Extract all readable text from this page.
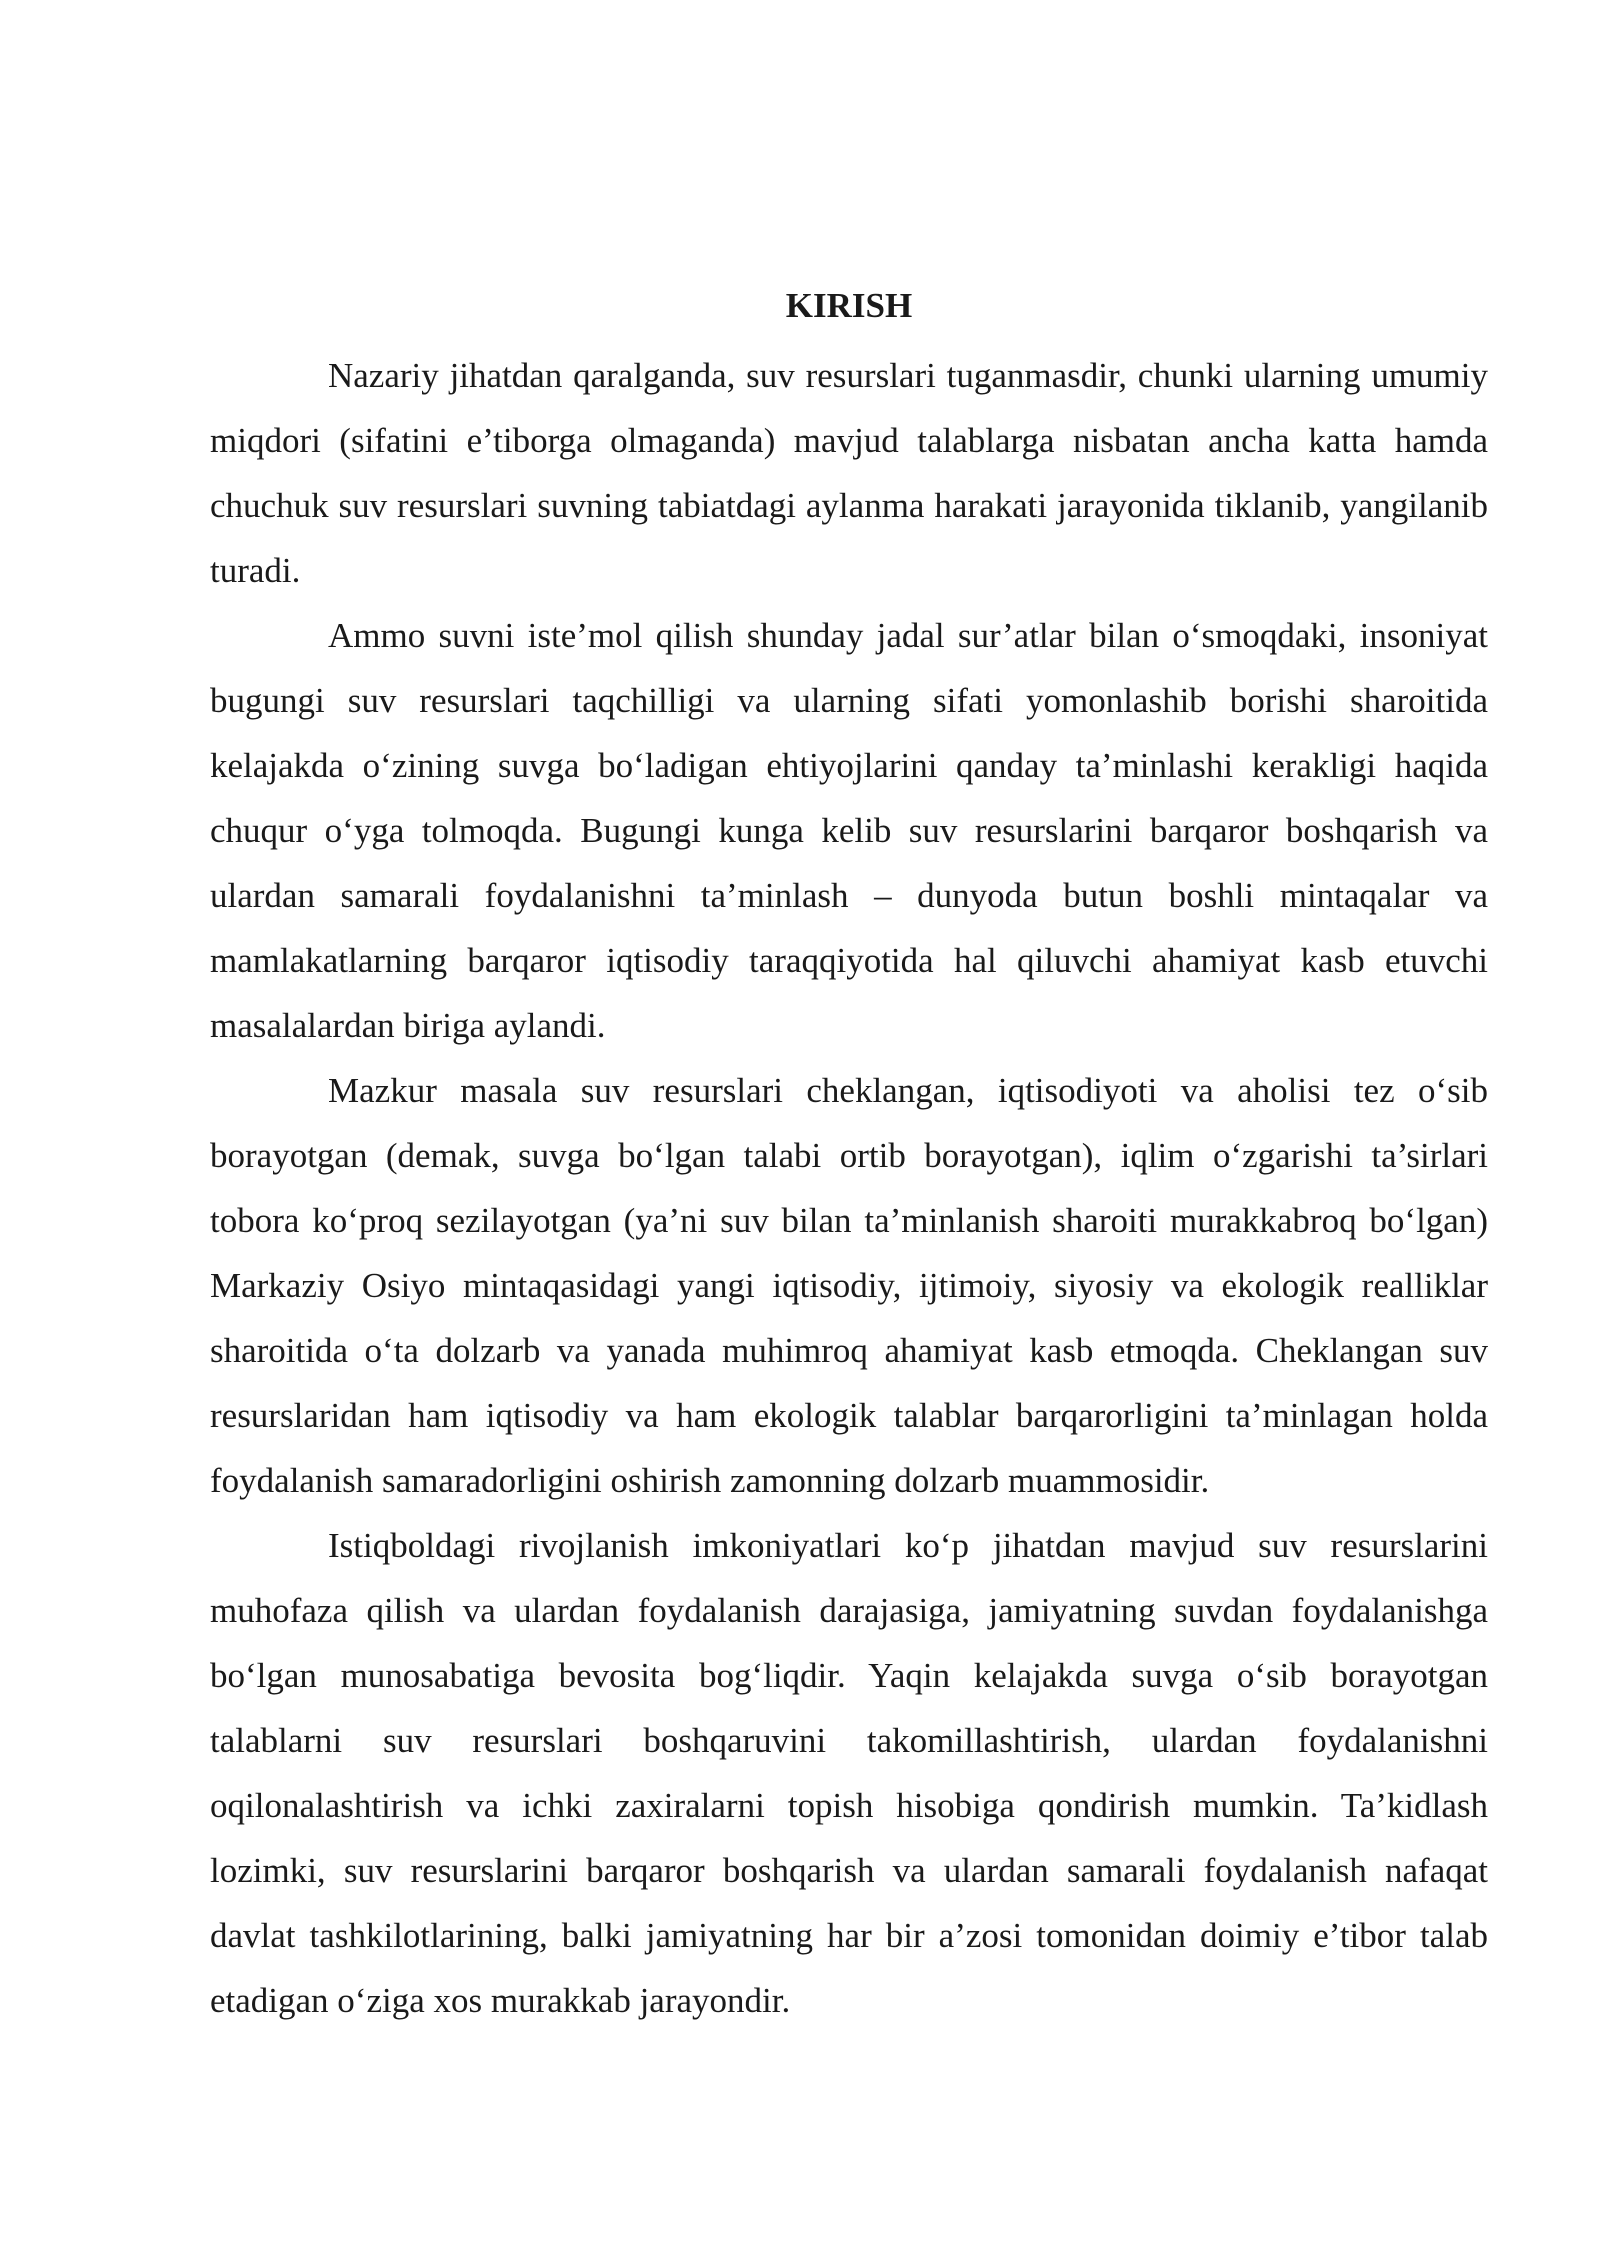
KIRISH

Nazariy jihatdan qaralganda, suv resurslari tuganmasdir, chunki ularning umumiy miqdori (sifatini e’tiborga olmaganda) mavjud talablarga nisbatan ancha katta hamda chuchuk suv resurslari suvning tabiatdagi aylanma harakati jarayonida tiklanib, yangilanib turadi.

Ammo suvni iste’mol qilish shunday jadal sur’atlar bilan o‘smoqdaki, insoniyat bugungi suv resurslari taqchilligi va ularning sifati yomonlashib borishi sharoitida kelajakda o‘zining suvga bo‘ladigan ehtiyojlarini qanday ta’minlashi kerakligi haqida chuqur o‘yga tolmoqda. Bugungi kunga kelib suv resurslarini barqaror boshqarish va ulardan samarali foydalanishni ta’minlash – dunyoda butun boshli mintaqalar va mamlakatlarning barqaror iqtisodiy taraqqiyotida hal qiluvchi ahamiyat kasb etuvchi masalalardan biriga aylandi.

Mazkur masala suv resurslari cheklangan, iqtisodiyoti va aholisi tez o‘sib borayotgan (demak, suvga bo‘lgan talabi ortib borayotgan), iqlim o‘zgarishi ta’sirlari tobora ko‘proq sezilayotgan (ya’ni suv bilan ta’minlanish sharoiti murakkabroq bo‘lgan) Markaziy Osiyo mintaqasidagi yangi iqtisodiy, ijtimoiy, siyosiy va ekologik realliklar sharoitida o‘ta dolzarb va yanada muhimroq ahamiyat kasb etmoqda. Cheklangan suv resurslaridan ham iqtisodiy va ham ekologik talablar barqarorligini ta’minlagan holda foydalanish samaradorligini oshirish zamonning dolzarb muammosidir.

Istiqboldagi rivojlanish imkoniyatlari ko‘p jihatdan mavjud suv resurslarini muhofaza qilish va ulardan foydalanish darajasiga, jamiyatning suvdan foydalanishga bo‘lgan munosabatiga bevosita bog‘liqdir. Yaqin kelajakda suvga o‘sib borayotgan talablarni suv resurslari boshqaruvini takomillashtirish, ulardan foydalanishni oqilonalashtirish va ichki zaxiralarni topish hisobiga qondirish mumkin. Ta’kidlash lozimki, suv resurslarini barqaror boshqarish va ulardan samarali foydalanish nafaqat davlat tashkilotlarining, balki jamiyatning har bir a’zosi tomonidan doimiy e’tibor talab etadigan o‘ziga xos murakkab jarayondir.
